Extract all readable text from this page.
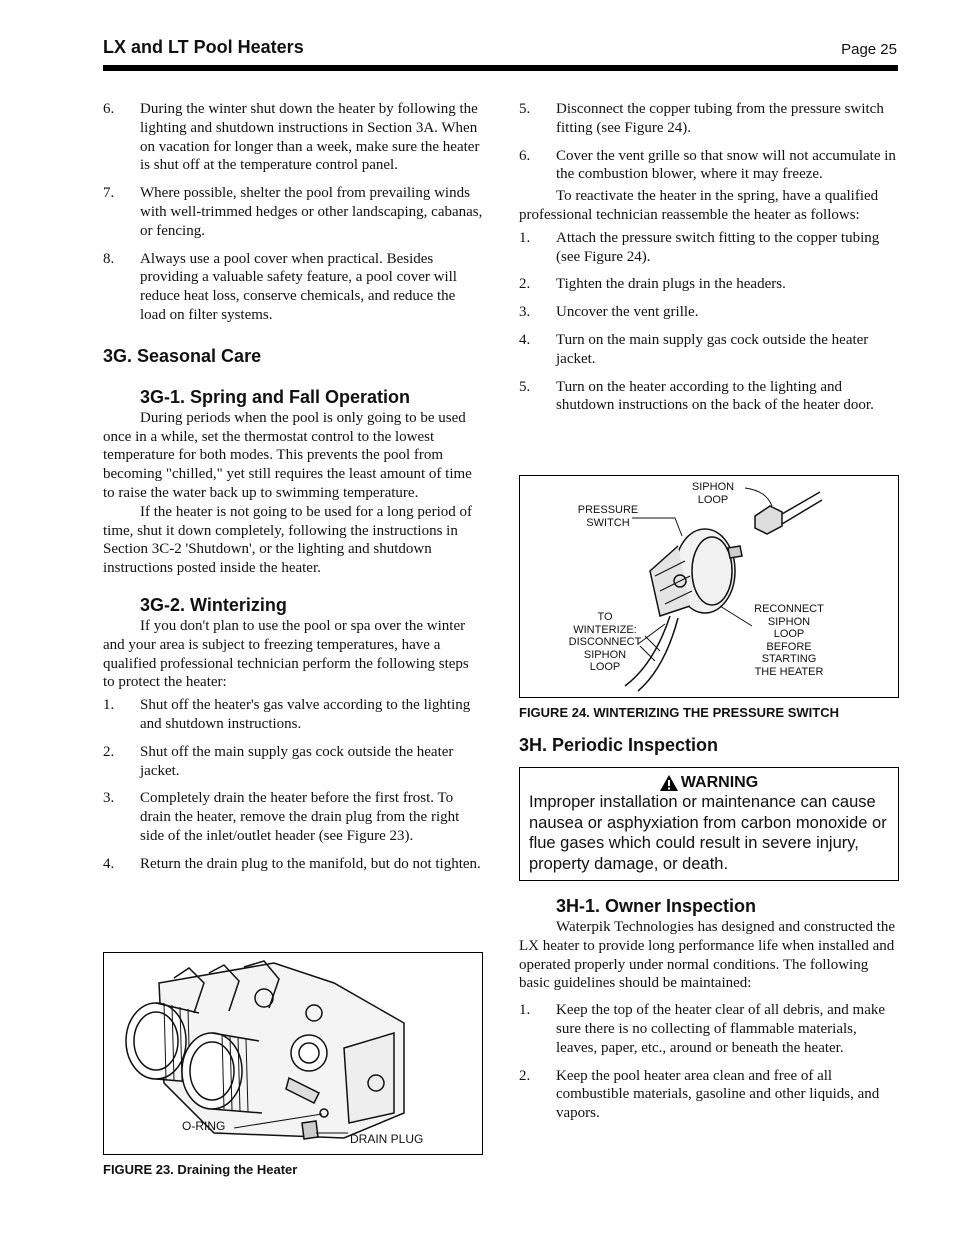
LX and LT Pool Heaters	Page 25
6.	During the winter shut down the heater by following the lighting and shutdown instructions in Section 3A. When on vacation for longer than a week, make sure the heater is shut off at the temperature control panel.
7.	Where possible, shelter the pool from prevailing winds with well-trimmed hedges or other landscaping, cabanas, or fencing.
8.	Always use a pool cover when practical. Besides providing a valuable safety feature, a pool cover will reduce heat loss, conserve chemicals, and reduce the load on filter systems.
3G. Seasonal Care
3G-1. Spring and Fall Operation

During periods when the pool is only going to be used once in a while, set the thermostat control to the lowest temperature for both modes. This prevents the pool from becoming "chilled," yet still requires the least amount of time to raise the water back up to swimming temperature.

If the heater is not going to be used for a long period of time, shut it down completely, following the instructions in Section 3C-2 'Shutdown', or the lighting and shutdown instructions posted inside the heater.

3G-2. Winterizing

If you don't plan to use the pool or spa over the winter and your area is subject to freezing temperatures, have a qualified professional technician perform the following steps to protect the heater:

1.	Shut off the heater's gas valve according to the lighting and shutdown instructions.
2.	Shut off the main supply gas cock outside the heater jacket.
3.	Completely drain the heater before the first frost. To drain the heater, remove the drain plug from the right side of the inlet/outlet header (see Figure 23).
4.	Return the drain plug to the manifold, but do not tighten.
O-RING
DRAIN PLUG
FIGURE 23. Draining the Heater
5.	Disconnect the copper tubing from the pressure switch fitting (see Figure 24).
6.	Cover the vent grille so that snow will not accumulate in the combustion blower, where it may freeze.

To reactivate the heater in the spring, have a qualified professional technician reassemble the heater as follows:

1.	Attach the pressure switch fitting to the copper tubing (see Figure 24).
2.	Tighten the drain plugs in the headers.
3.	Uncover the vent grille.
4.	Turn on the main supply gas cock outside the heater jacket.
5.	Turn on the heater according to the lighting and shutdown instructions on the back of the heater door.
SIPHON
LOOP
PRESSURE
SWITCH
TO
WINTERIZE:
DISCONNECT
SIPHON
LOOP
RECONNECT
SIPHON
LOOP
BEFORE
STARTING
THE HEATER
FIGURE 24. WINTERIZING THE PRESSURE SWITCH
3H. Periodic Inspection
WARNING
Improper installation or maintenance can cause nausea or asphyxiation from carbon monoxide or flue gases which could result in severe injury, property damage, or death.
3H-1. Owner Inspection

Waterpik Technologies has designed and constructed the LX heater to provide long performance life when installed and operated properly under normal conditions. The following basic guidelines should be maintained:

1.	Keep the top of the heater clear of all debris, and make sure there is no collecting of flammable materials, leaves, paper, etc., around or beneath the heater.
2.	Keep the pool heater area clean and free of all combustible materials, gasoline and other liquids, and vapors.
